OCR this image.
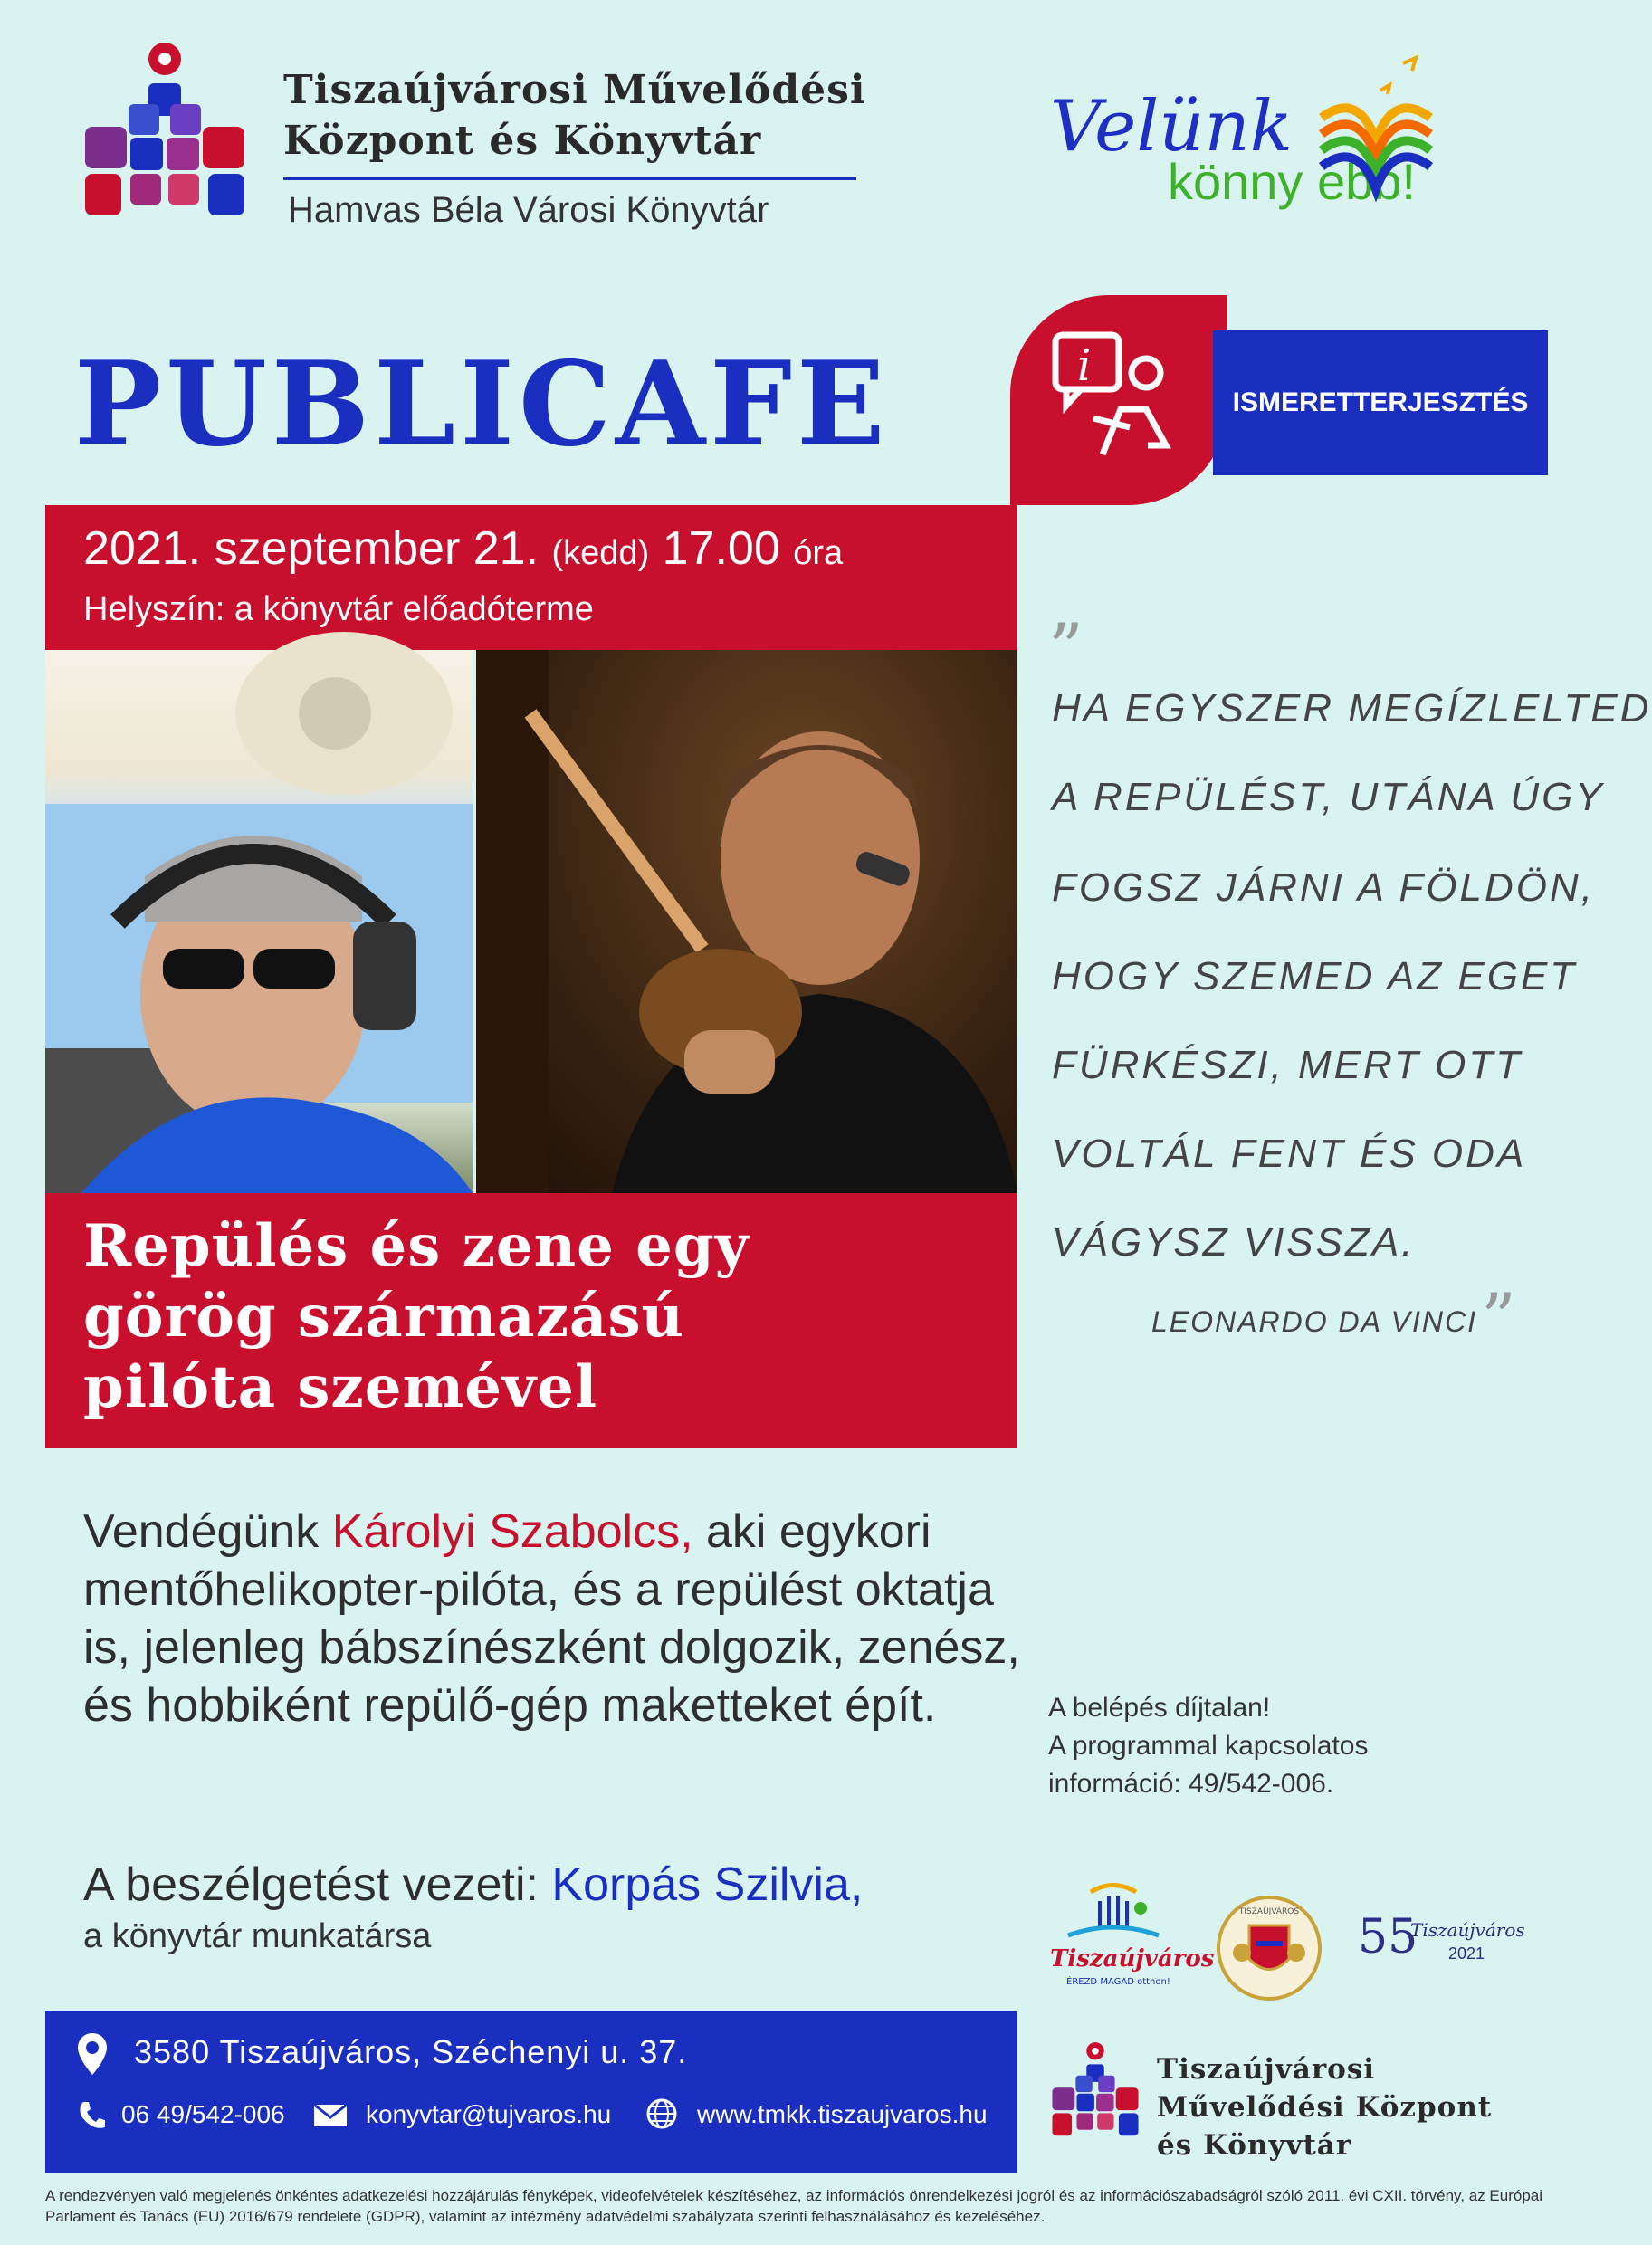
Tiszaújvárosi Művelődési
Központ és Könyvtár
Hamvas Béla Városi Könyvtár
Velünk
könny ebb!
PUBLICAFE	i
ISMERETTERJESZTÉS
2021. szeptember 21. (kedd) 17.00 óra
Helyszín: a könyvtár előadóterme
Repülés és zene egy
görög származású
pilóta szemével
”
HA EGYSZER MEGÍZLELTED
A REPÜLÉST, UTÁNA ÚGY
FOGSZ JÁRNI A FÖLDÖN,
HOGY SZEMED AZ EGET
FÜRKÉSZI, MERT OTT
VOLTÁL FENT ÉS ODA
VÁGYSZ VISSZA.
LEONARDO DA VINCI ”
Vendégünk Károlyi Szabolcs, aki egykori mentőhelikopter-pilóta, és a repülést oktatja is, jelenleg bábszínészként dolgozik, zenész, és hobbiként repülő-gép maketteket épít.
A beszélgetést vezeti: Korpás Szilvia,
a könyvtár munkatársa
A belépés díjtalan!
A programmal kapcsolatos
információ: 49/542-006.
Tiszaújváros
ÉREZD MAGAD otthon!
TISZAÚJVÁROS 55
Tiszaújváros
2021
3580 Tiszaújváros, Széchenyi u. 37.
06 49/542-006	konyvtar@tujvaros.hu	www.tmkk.tiszaujvaros.hu
Tiszaújvárosi
Művelődési Központ
és Könyvtár
A rendezvényen való megjelenés önkéntes adatkezelési hozzájárulás fényképek, videofelvételek készítéséhez, az információs önrendelkezési jogról és az információszabadságról szóló 2011. évi CXII. törvény, az Európai Parlament és Tanács (EU) 2016/679 rendelete (GDPR), valamint az intézmény adatvédelmi szabályzata szerinti felhasználásához és kezeléséhez.
